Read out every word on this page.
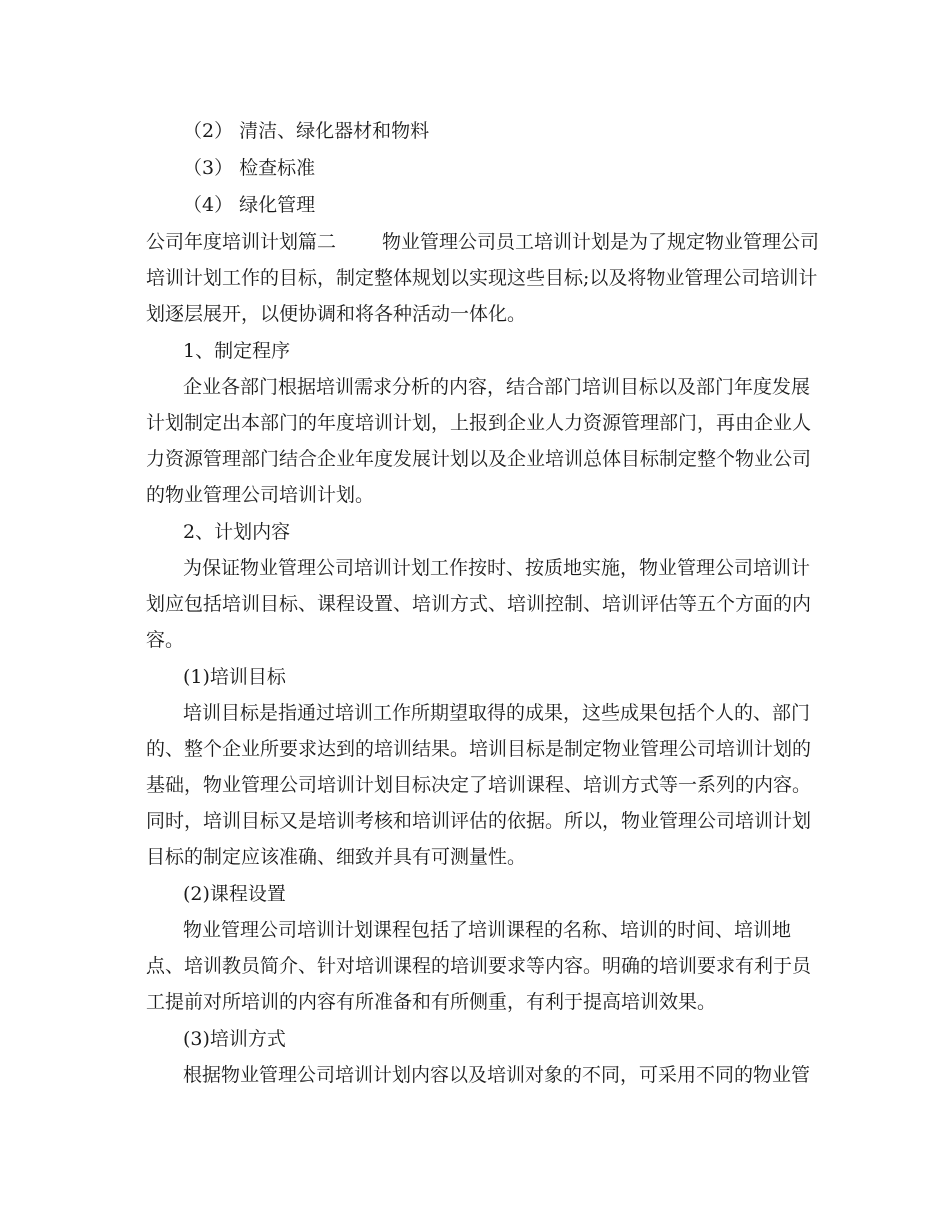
（2） 清洁、绿化器材和物料
（3） 检查标准
（4） 绿化管理
公司年度培训计划篇二 物业管理公司员工培训计划是为了规定物业管理公司
培训计划工作的目标，制定整体规划以实现这些目标;以及将物业管理公司培训计
划逐层展开，以便协调和将各种活动一体化。
1、制定程序
企业各部门根据培训需求分析的内容，结合部门培训目标以及部门年度发展
计划制定出本部门的年度培训计划，上报到企业人力资源管理部门，再由企业人
力资源管理部门结合企业年度发展计划以及企业培训总体目标制定整个物业公司
的物业管理公司培训计划。
2、计划内容
为保证物业管理公司培训计划工作按时、按质地实施，物业管理公司培训计
划应包括培训目标、课程设置、培训方式、培训控制、培训评估等五个方面的内
容。
(1)培训目标
培训目标是指通过培训工作所期望取得的成果，这些成果包括个人的、部门
的、整个企业所要求达到的培训结果。培训目标是制定物业管理公司培训计划的
基础，物业管理公司培训计划目标决定了培训课程、培训方式等一系列的内容。
同时，培训目标又是培训考核和培训评估的依据。所以，物业管理公司培训计划
目标的制定应该准确、细致并具有可测量性。
(2)课程设置
物业管理公司培训计划课程包括了培训课程的名称、培训的时间、培训地
点、培训教员简介、针对培训课程的培训要求等内容。明确的培训要求有利于员
工提前对所培训的内容有所准备和有所侧重，有利于提高培训效果。
(3)培训方式
根据物业管理公司培训计划内容以及培训对象的不同，可采用不同的物业管
